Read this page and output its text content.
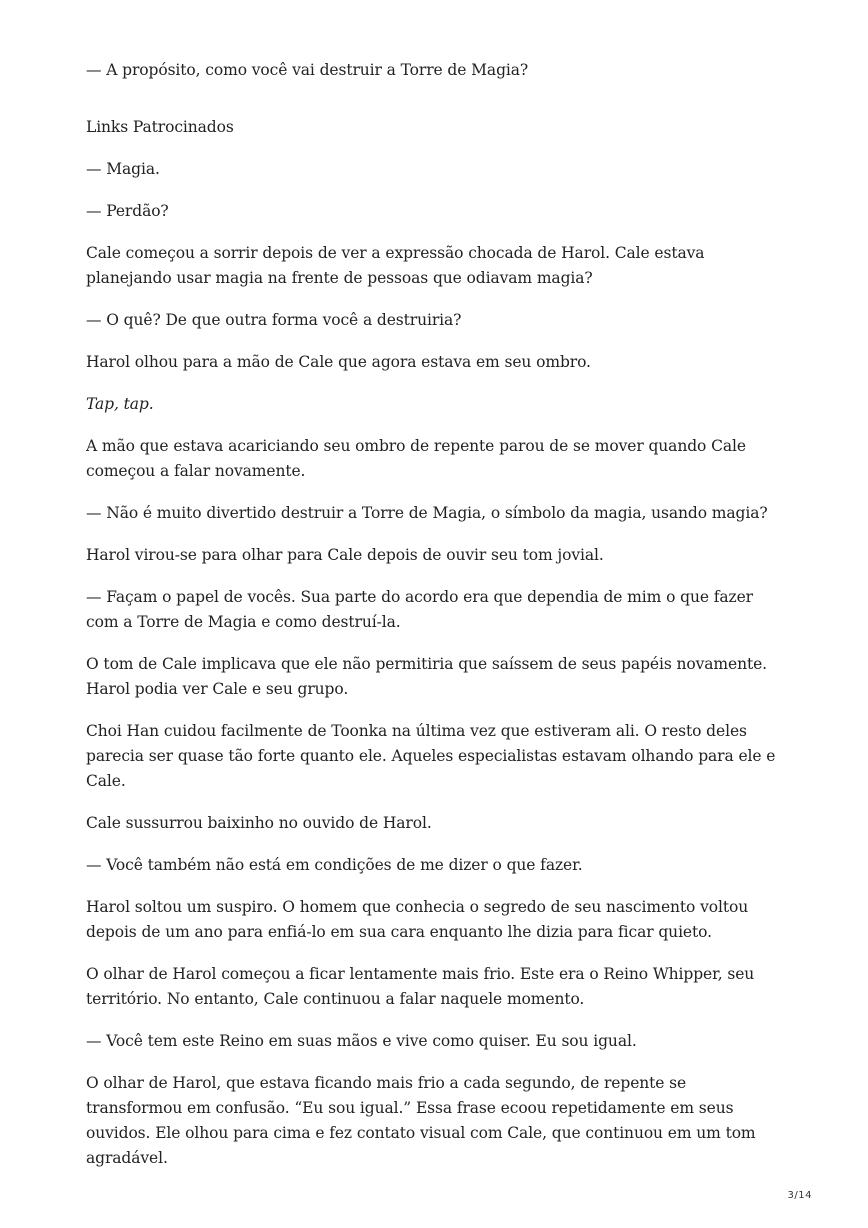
— A propósito, como você vai destruir a Torre de Magia?

Links Patrocinados

— Magia.

— Perdão?

Cale começou a sorrir depois de ver a expressão chocada de Harol. Cale estava planejando usar magia na frente de pessoas que odiavam magia?

— O quê? De que outra forma você a destruiria?

Harol olhou para a mão de Cale que agora estava em seu ombro.

Tap, tap.

A mão que estava acariciando seu ombro de repente parou de se mover quando Cale começou a falar novamente.

— Não é muito divertido destruir a Torre de Magia, o símbolo da magia, usando magia?

Harol virou-se para olhar para Cale depois de ouvir seu tom jovial.

— Façam o papel de vocês. Sua parte do acordo era que dependia de mim o que fazer com a Torre de Magia e como destruí-la.

O tom de Cale implicava que ele não permitiria que saíssem de seus papéis novamente. Harol podia ver Cale e seu grupo.

Choi Han cuidou facilmente de Toonka na última vez que estiveram ali. O resto deles parecia ser quase tão forte quanto ele. Aqueles especialistas estavam olhando para ele e Cale.

Cale sussurrou baixinho no ouvido de Harol.

— Você também não está em condições de me dizer o que fazer.

Harol soltou um suspiro. O homem que conhecia o segredo de seu nascimento voltou depois de um ano para enfiá-lo em sua cara enquanto lhe dizia para ficar quieto.

O olhar de Harol começou a ficar lentamente mais frio. Este era o Reino Whipper, seu território. No entanto, Cale continuou a falar naquele momento.

— Você tem este Reino em suas mãos e vive como quiser. Eu sou igual.

O olhar de Harol, que estava ficando mais frio a cada segundo, de repente se transformou em confusão. “Eu sou igual.” Essa frase ecoou repetidamente em seus ouvidos. Ele olhou para cima e fez contato visual com Cale, que continuou em um tom agradável.

3/14
